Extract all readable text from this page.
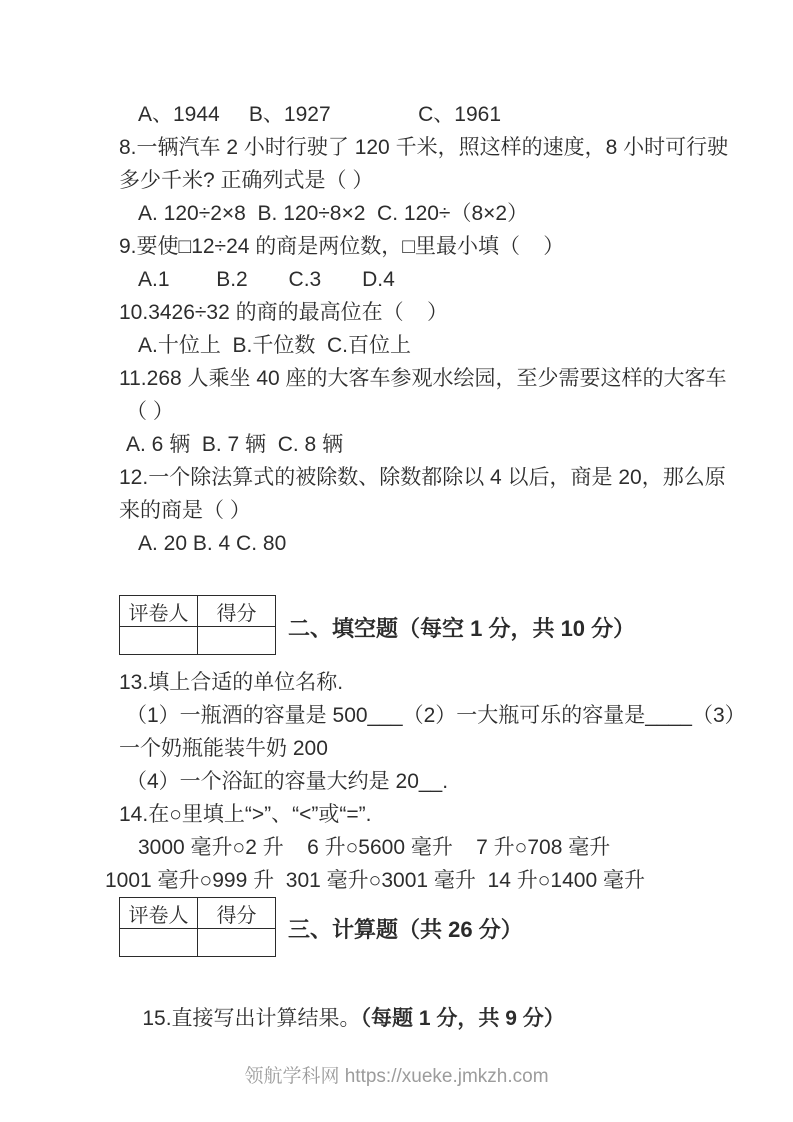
A、1944     B、1927               C、1961
8.一辆汽车 2 小时行驶了 120 千米，照这样的速度，8 小时可行驶
多少千米? 正确列式是（ ）
A. 120÷2×8  B. 120÷8×2  C. 120÷（8×2）
9.要使□12÷24 的商是两位数，□里最小填（    ）
A.1        B.2       C.3       D.4
10.3426÷32 的商的最高位在（    ）
A.十位上  B.千位数  C.百位上
11.268 人乘坐 40 座的大客车参观水绘园，至少需要这样的大客车
（ ）
A. 6 辆  B. 7 辆  C. 8 辆
12.一个除法算式的被除数、除数都除以 4 以后，商是 20，那么原
来的商是（ ）
A. 20 B. 4 C. 80
评卷人	得分

二、填空题（每空 1 分，共 10 分）
13.填上合适的单位名称.
（1）一瓶酒的容量是 500___（2）一大瓶可乐的容量是____（3）
一个奶瓶能装牛奶 200
（4）一个浴缸的容量大约是 20__.
14.在○里填上“>”、“<”或“=”.
3000 毫升○2 升    6 升○5600 毫升    7 升○708 毫升
1001 毫升○999 升  301 毫升○3001 毫升  14 升○1400 毫升
评卷人	得分

三、计算题（共 26 分）

15.直接写出计算结果。（每题 1 分，共 9 分）

领航学科网 https://xueke.jmkzh.com
